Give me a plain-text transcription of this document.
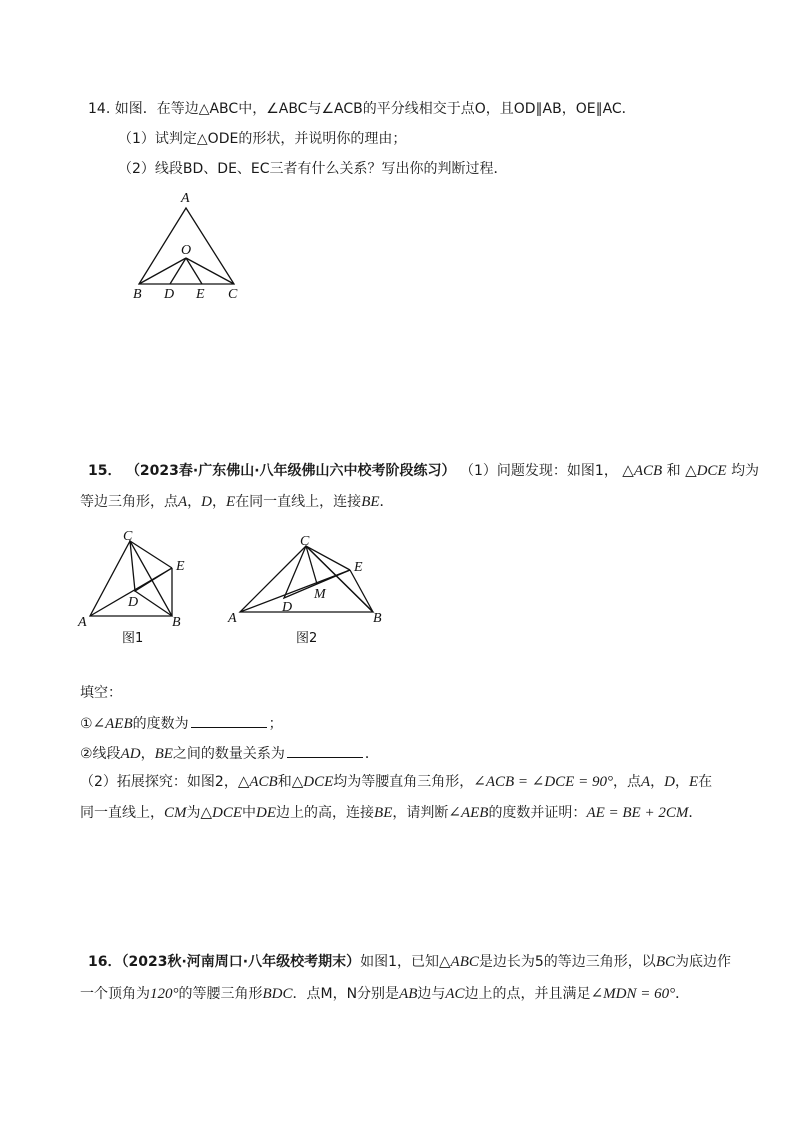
14. 如图．在等边△ABC中，∠ABC与∠ACB的平分线相交于点O，且OD∥AB，OE∥AC．
（1）试判定△ODE的形状，并说明你的理由；
（2）线段BD、DE、EC三者有什么关系？写出你的判断过程．
A
O
B D E C
15． （2023春·广东佛山·八年级佛山六中校考阶段练习） （1）问题发现：如图1， △ACB 和 △DCE 均为
等边三角形，点A，D，E在同一直线上，连接BE．
C
E
D
A	B
图1
C
E
M
D
A	B
图2
填空：
①∠AEB的度数为	；
②线段AD，BE之间的数量关系为	．
（2）拓展探究：如图2，△ACB和△DCE均为等腰直角三角形，∠ACB = ∠DCE = 90°，点A，D，E在
同一直线上，CM为△DCE中DE边上的高，连接BE，请判断∠AEB的度数并证明：AE = BE + 2CM．
16．（2023秋·河南周口·八年级校考期末）如图1，已知△ABC是边长为5的等边三角形，以BC为底边作
一个顶角为120°的等腰三角形BDC．点M，N分别是AB边与AC边上的点，并且满足∠MDN = 60°．
